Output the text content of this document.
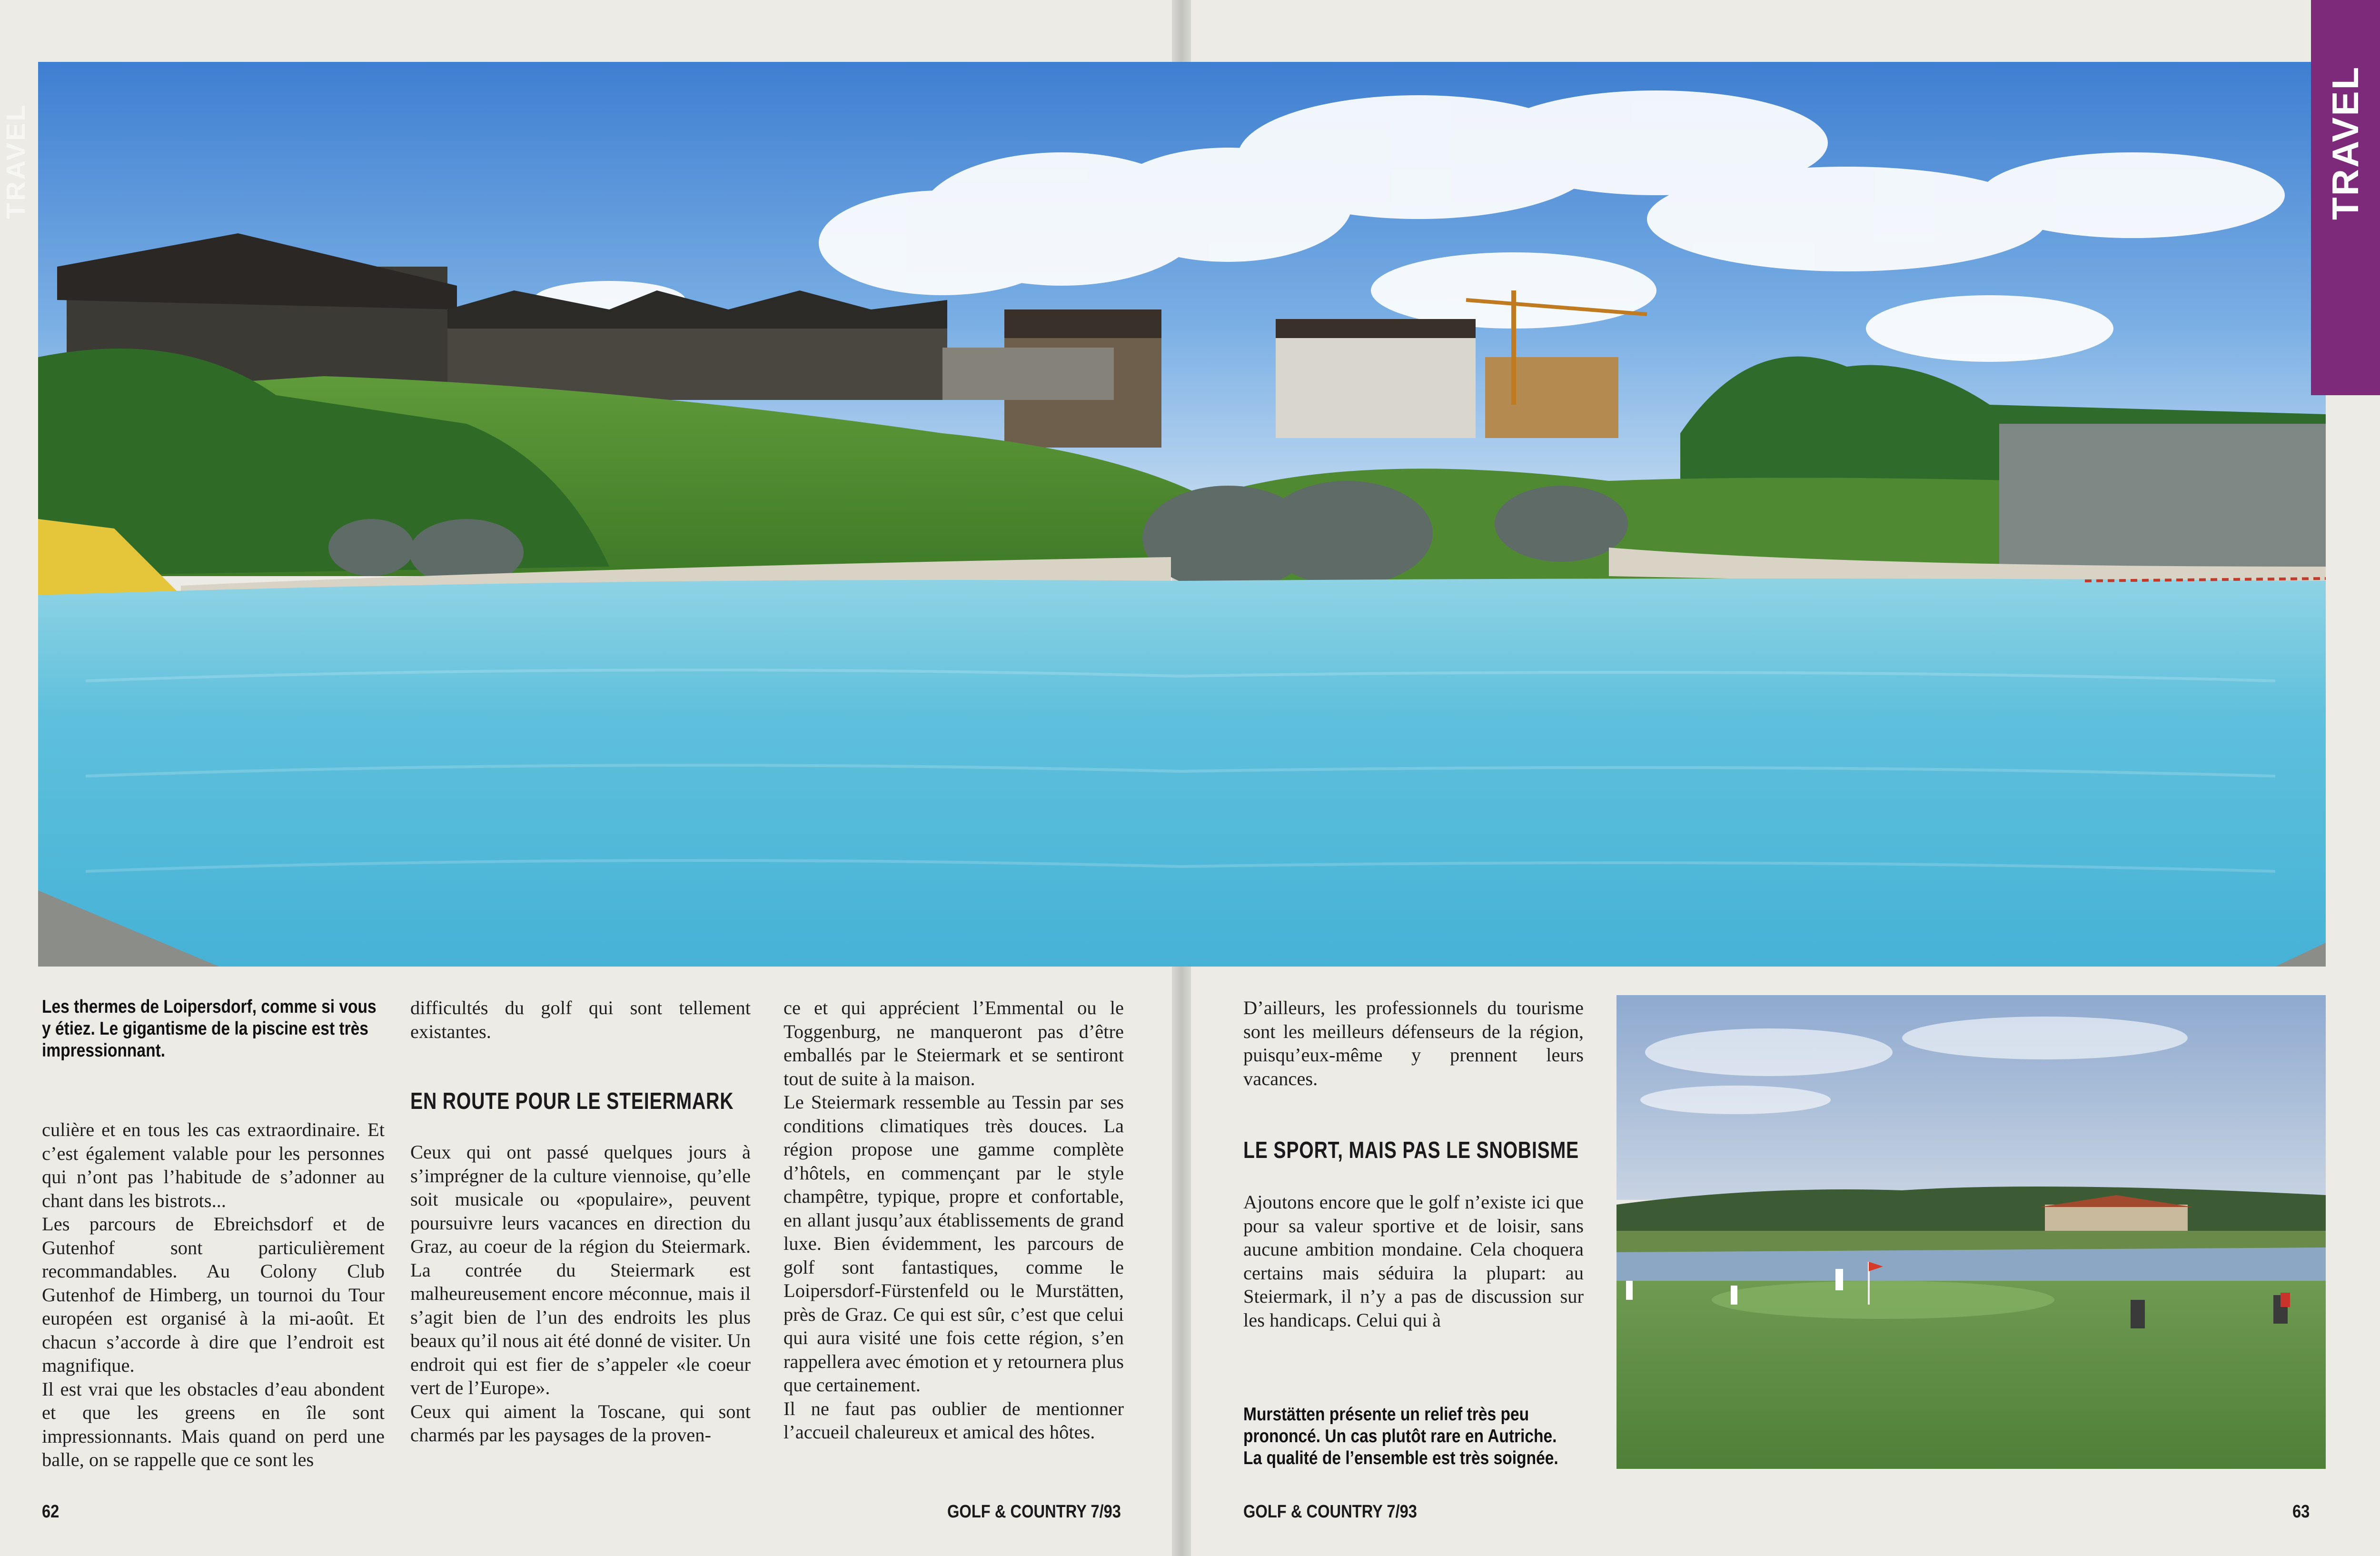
TRAVEL	TRAVEL
Les thermes de Loipersdorf, comme si vous y étiez. Le gigantisme de la piscine est très impressionnant.

culière et en tous les cas extraordinaire. Et c’est également valable pour les personnes qui n’ont pas l’habitude de s’adonner au chant dans les bistrots...

Les parcours de Ebreichsdorf et de Gutenhof sont particulièrement recommandables. Au Colony Club Gutenhof de Himberg, un tournoi du Tour européen est organisé à la mi-août. Et chacun s’accorde à dire que l’endroit est magnifique.

Il est vrai que les obstacles d’eau abondent et que les greens en île sont impressionnants. Mais quand on perd une balle, on se rappelle que ce sont les

difficultés du golf qui sont tellement existantes.

EN ROUTE POUR LE STEIERMARK

Ceux qui ont passé quelques jours à s’imprégner de la culture viennoise, qu’elle soit musicale ou «populaire», peuvent poursuivre leurs vacances en direction du Graz, au coeur de la région du Steiermark. La contrée du Steiermark est malheureusement encore méconnue, mais il s’agit bien de l’un des endroits les plus beaux qu’il nous ait été donné de visiter. Un endroit qui est fier de s’appeler «le coeur vert de l’Europe».

Ceux qui aiment la Toscane, qui sont charmés par les paysages de la proven-

ce et qui apprécient l’Emmental ou le Toggenburg, ne manqueront pas d’être emballés par le Steiermark et se sentiront tout de suite à la maison.

Le Steiermark ressemble au Tessin par ses conditions climatiques très douces. La région propose une gamme complète d’hôtels, en commençant par le style champêtre, typique, propre et confortable, en allant jusqu’aux établissements de grand luxe. Bien évidemment, les parcours de golf sont fantastiques, comme le Loipersdorf-Fürstenfeld ou le Murstätten, près de Graz. Ce qui est sûr, c’est que celui qui aura visité une fois cette région, s’en rappellera avec émotion et y retournera plus que certainement.

Il ne faut pas oublier de mentionner l’accueil chaleureux et amical des hôtes.

D’ailleurs, les professionnels du tourisme sont les meilleurs défenseurs de la région, puisqu’eux-même y prennent leurs vacances.

LE SPORT, MAIS PAS LE SNOBISME

Ajoutons encore que le golf n’existe ici que pour sa valeur sportive et de loisir, sans aucune ambition mondaine. Cela choquera certains mais séduira la plupart: au Steiermark, il n’y a pas de discussion sur les handicaps. Celui qui à

Murstätten présente un relief très peu prononcé. Un cas plutôt rare en Autriche. La qualité de l’ensemble est très soignée.
62	GOLF & COUNTRY 7/93	GOLF & COUNTRY 7/93	63
